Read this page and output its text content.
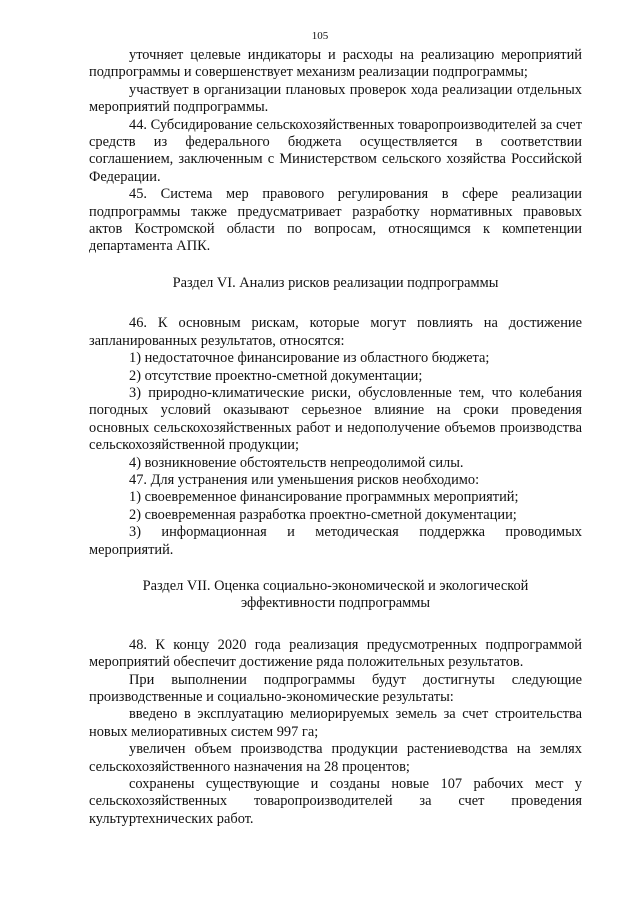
105

уточняет целевые индикаторы и расходы на реализацию мероприятий подпрограммы и совершенствует механизм реализации подпрограммы;

участвует в организации плановых проверок хода реализации отдельных мероприятий подпрограммы.

44. Субсидирование сельскохозяйственных товаропроизводителей за счет средств из федерального бюджета осуществляется в соответствии соглашением, заключенным с Министерством сельского хозяйства Российской Федерации.

45. Система мер правового регулирования в сфере реализации подпрограммы также предусматривает разработку нормативных правовых актов Костромской области по вопросам, относящимся к компетенции департамента АПК.

Раздел VI. Анализ рисков реализации подпрограммы

46. К основным рискам, которые могут повлиять на достижение запланированных результатов, относятся:

1) недостаточное финансирование из областного бюджета;

2) отсутствие проектно-сметной документации;

3) природно-климатические риски, обусловленные тем, что колебания погодных условий оказывают серьезное влияние на сроки проведения основных сельскохозяйственных работ и недополучение объемов производства сельскохозяйственной продукции;

4) возникновение обстоятельств непреодолимой силы.

47. Для устранения или уменьшения рисков необходимо:

1) своевременное финансирование программных мероприятий;

2) своевременная разработка проектно-сметной документации;

3) информационная и методическая поддержка проводимых мероприятий.

Раздел VII. Оценка социально-экономической и экологической

эффективности подпрограммы

48. К концу 2020 года реализация предусмотренных подпрограммой мероприятий обеспечит достижение ряда положительных результатов.

При выполнении подпрограммы будут достигнуты следующие производственные и социально-экономические результаты:

введено в эксплуатацию мелиорируемых земель за счет строительства новых мелиоративных систем 997 га;

увеличен объем производства продукции растениеводства на землях сельскохозяйственного назначения на 28 процентов;

сохранены существующие и созданы новые 107 рабочих мест у сельскохозяйственных товаропроизводителей за счет проведения культуртехнических работ.
